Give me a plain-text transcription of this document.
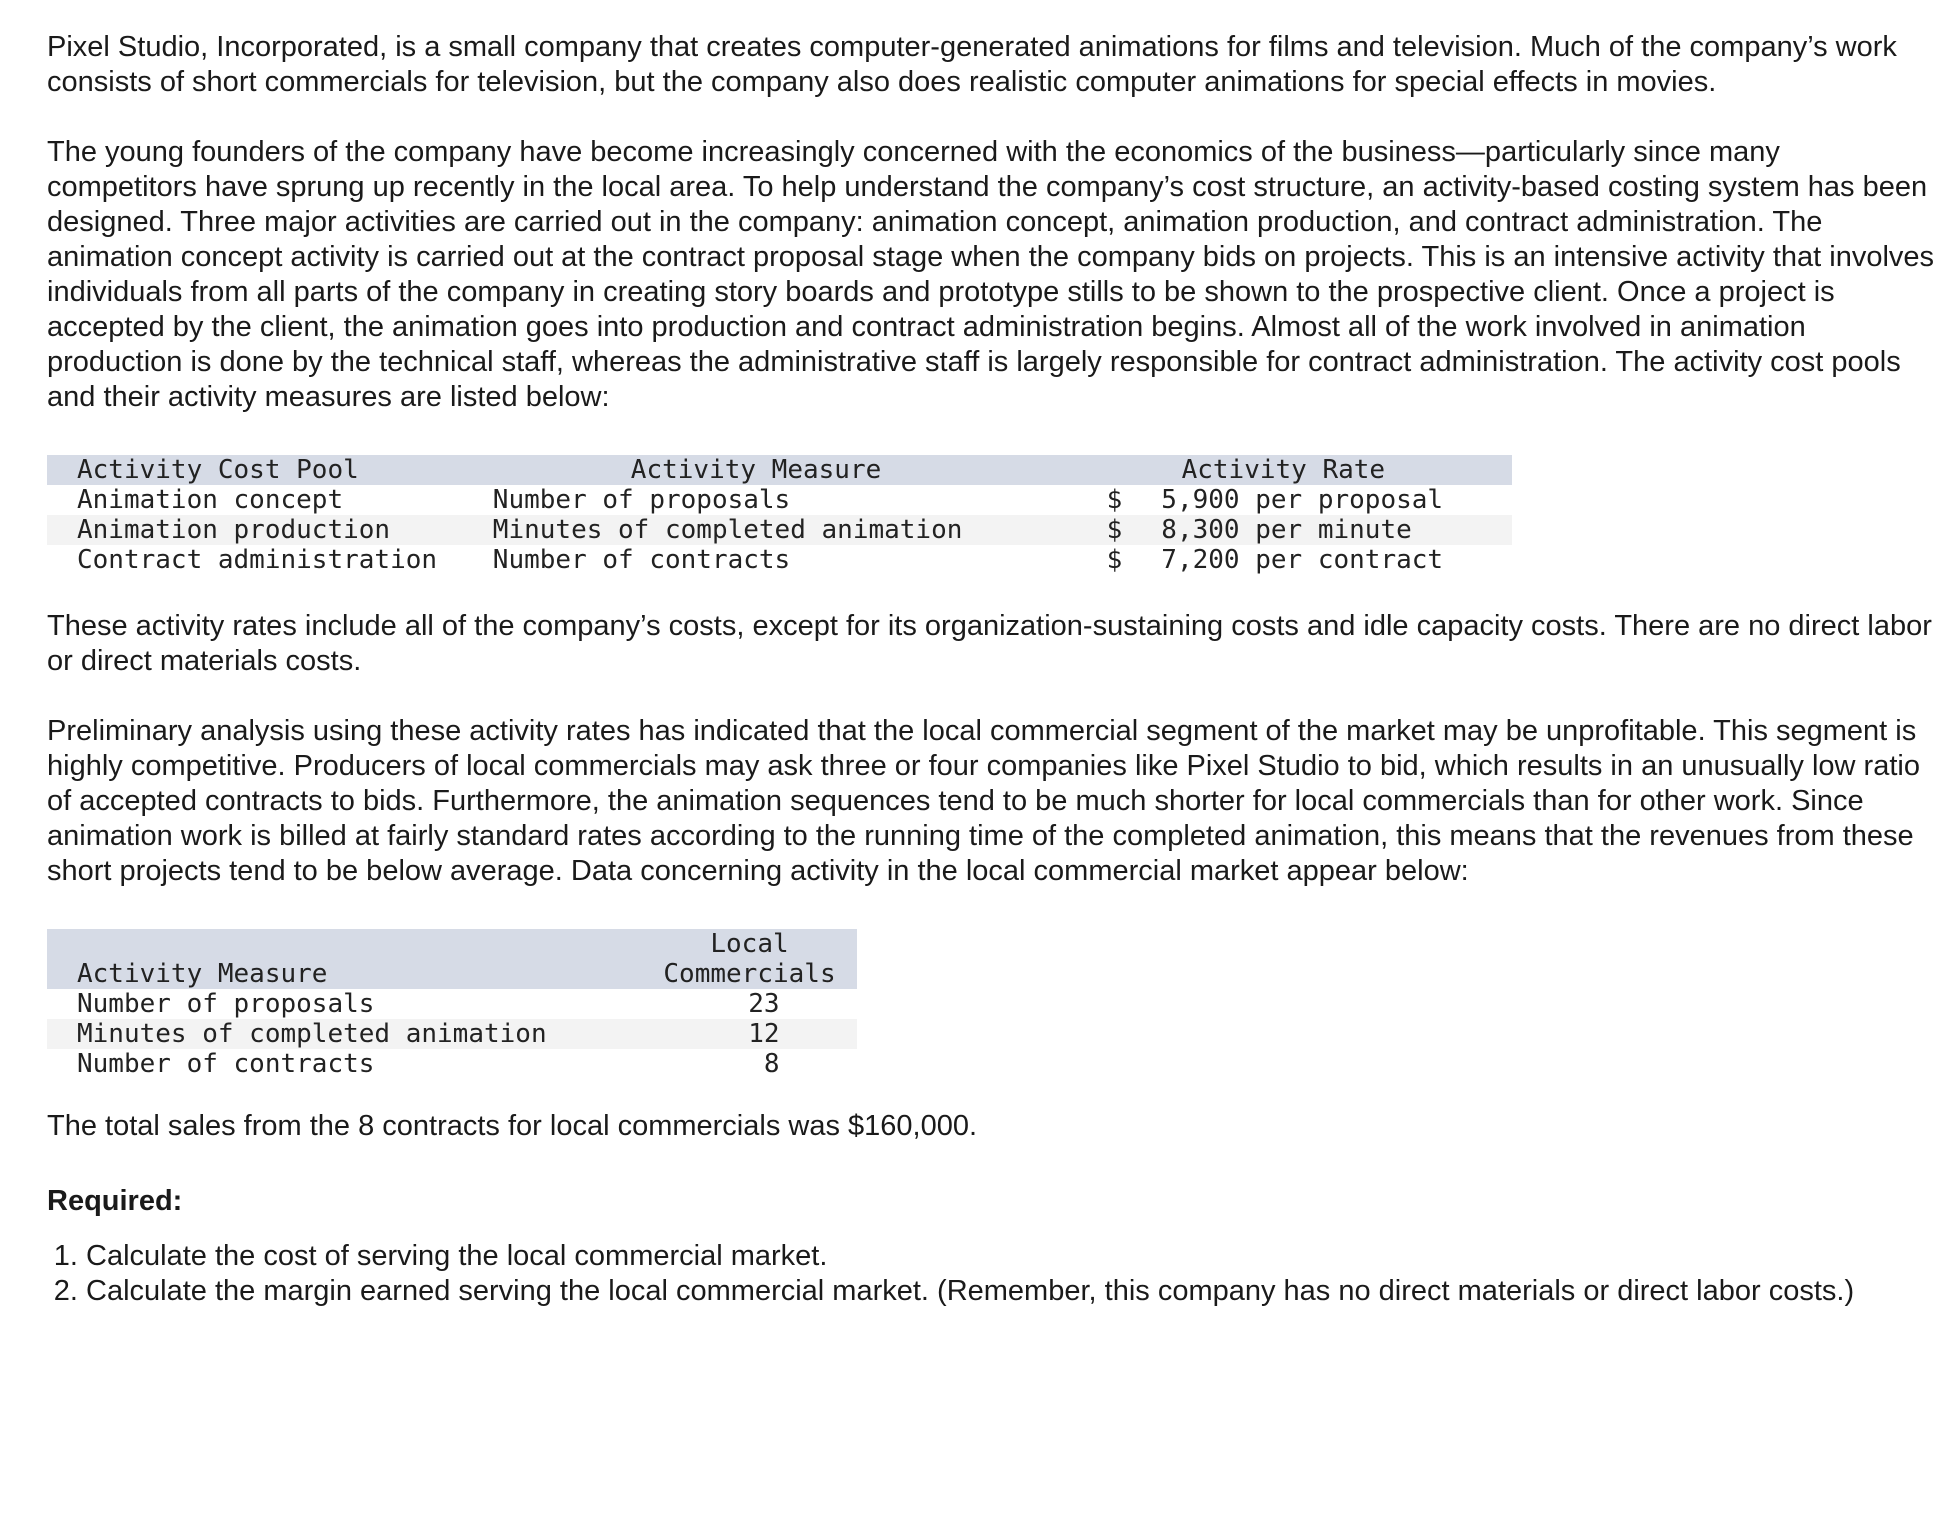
Pixel Studio, Incorporated, is a small company that creates computer-generated animations for films and television. Much of the company’s work consists of short commercials for television, but the company also does realistic computer animations for special effects in movies.

The young founders of the company have become increasingly concerned with the economics of the business—particularly since many competitors have sprung up recently in the local area. To help understand the company’s cost structure, an activity-based costing system has been designed. Three major activities are carried out in the company: animation concept, animation production, and contract administration. The animation concept activity is carried out at the contract proposal stage when the company bids on projects. This is an intensive activity that involves individuals from all parts of the company in creating story boards and prototype stills to be shown to the prospective client. Once a project is accepted by the client, the animation goes into production and contract administration begins. Almost all of the work involved in animation production is done by the technical staff, whereas the administrative staff is largely responsible for contract administration. The activity cost pools and their activity measures are listed below:

Activity Cost Pool	Activity Measure	Activity Rate
Animation concept	Number of proposals	$ 5,900 per proposal
Animation production	Minutes of completed animation	$ 8,300 per minute
Contract administration	Number of contracts	$ 7,200 per contract

These activity rates include all of the company’s costs, except for its organization-sustaining costs and idle capacity costs. There are no direct labor or direct materials costs.

Preliminary analysis using these activity rates has indicated that the local commercial segment of the market may be unprofitable. This segment is highly competitive. Producers of local commercials may ask three or four companies like Pixel Studio to bid, which results in an unusually low ratio of accepted contracts to bids. Furthermore, the animation sequences tend to be much shorter for local commercials than for other work. Since animation work is billed at fairly standard rates according to the running time of the completed animation, this means that the revenues from these short projects tend to be below average. Data concerning activity in the local commercial market appear below:

Activity Measure	Local
Commercials

Number of proposals	23
Minutes of completed animation	12
Number of contracts	8

The total sales from the 8 contracts for local commercials was $160,000.

Required:

1. Calculate the cost of serving the local commercial market.
2. Calculate the margin earned serving the local commercial market. (Remember, this company has no direct materials or direct labor costs.)
